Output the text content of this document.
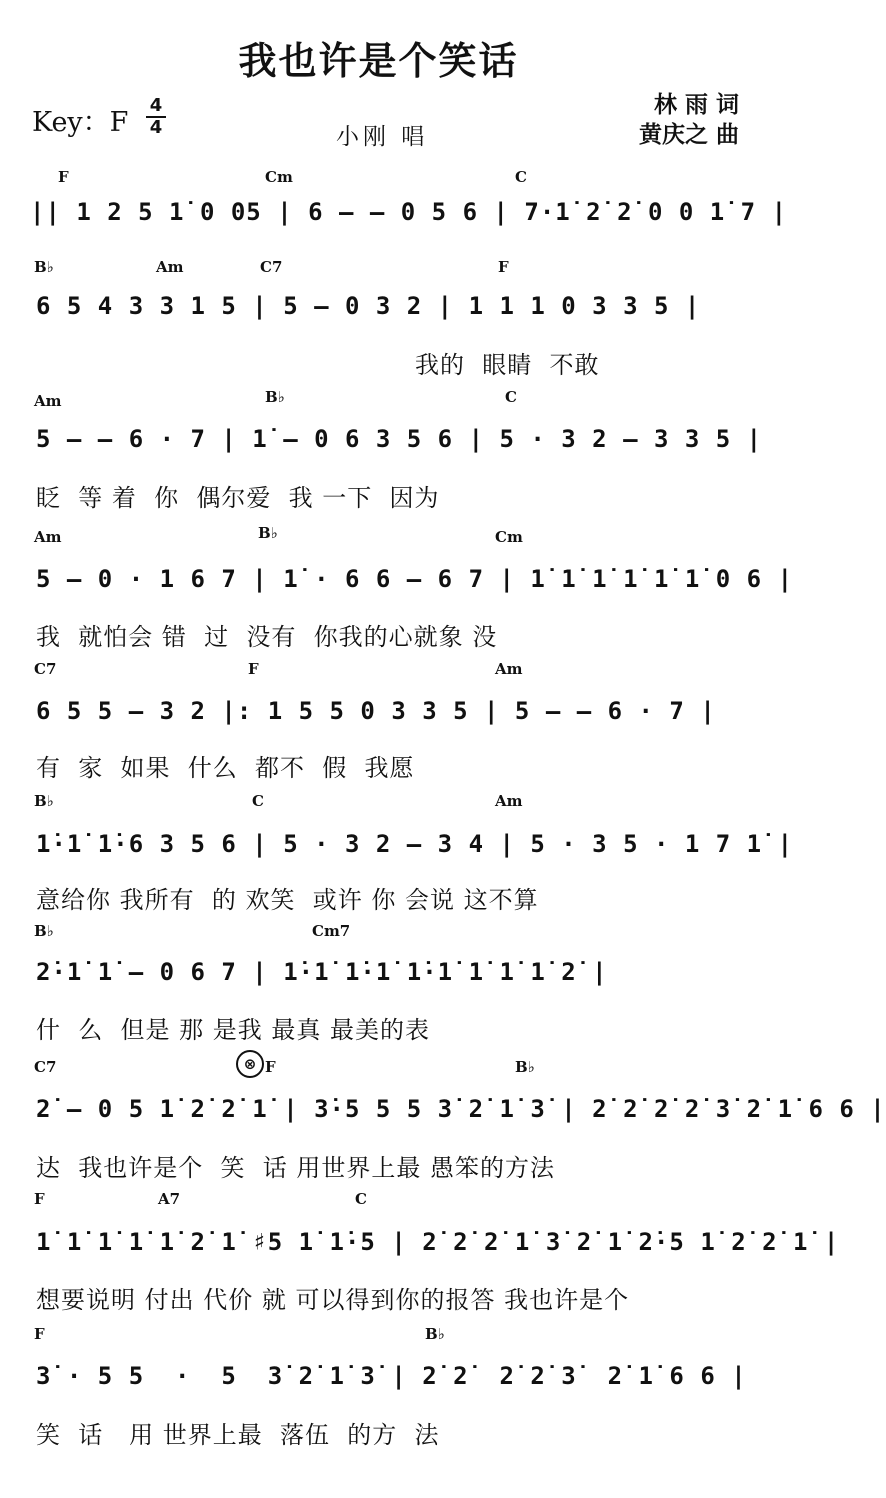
我也许是个笑话
Key：F
4
4	小刚 唱
林 雨 词
黄庆之 曲
⊗
F	Cm	C
|| 1 2 5 1̇ 0 05 | 6 — — 0 5 6 | 7·1̇ 2̇ 2̇ 0 0 1̇ 7 |
B♭	Am	C7	F
6 5 4 3 3 1 5 | 5 — 0 3 2 | 1 1 1 0 3 3 5 |
我的  眼睛  不敢
Am	B♭	C
5 — — 6 · 7 | 1̇ — 0 6 3 5 6 | 5 · 3 2 — 3 3 5 |
眨  等 着  你  偶尔爱  我 一下  因为
Am	B♭	Cm
5 — 0 · 1 6 7 | 1̇ · 6 6 — 6 7 | 1̇ 1̇ 1̇ 1̇ 1̇ 1̇ 0 6 |
我  就怕会 错  过  没有  你我的心就象 没
C7	F	Am
6 5 5 — 3 2 |: 1 5 5 0 3 3 5 | 5 — — 6 · 7 |
有  家  如果  什么  都不  假  我愿
B♭	C	Am
1̇·1̇ 1̇·6 3 5 6 | 5 · 3 2 — 3 4 | 5 · 3 5 · 1 7 1̇ |
意给你 我所有  的 欢笑  或许 你 会说 这不算
B♭	Cm7
2̇·1̇ 1̇ — 0 6 7 | 1̇·1̇ 1̇·1̇ 1̇·1̇ 1̇ 1̇ 1̇ 2̇ |
什  么  但是 那 是我 最真 最美的表
C7	F	B♭
2̇ — 0 5 1̇ 2̇ 2̇ 1̇ | 3̇·5 5 5 3̇ 2̇ 1̇ 3̇ | 2̇ 2̇ 2̇ 2̇ 3̇ 2̇ 1̇ 6 6 |
达  我也许是个  笑  话 用世界上最 愚笨的方法
F	A7	C
1̇ 1̇ 1̇ 1̇ 1̇ 2̇ 1̇ ♯5 1̇ 1̇·5 | 2̇ 2̇ 2̇ 1̇ 3̇ 2̇ 1̇ 2̇·5 1̇ 2̇ 2̇ 1̇ |
想要说明 付出 代价 就 可以得到你的报答 我也许是个
F	B♭
3̇ · 5 5  ·  5  3̇ 2̇ 1̇ 3̇ | 2̇ 2̇  2̇ 2̇ 3̇  2̇ 1̇ 6 6 |
笑  话   用 世界上最  落伍  的方  法
